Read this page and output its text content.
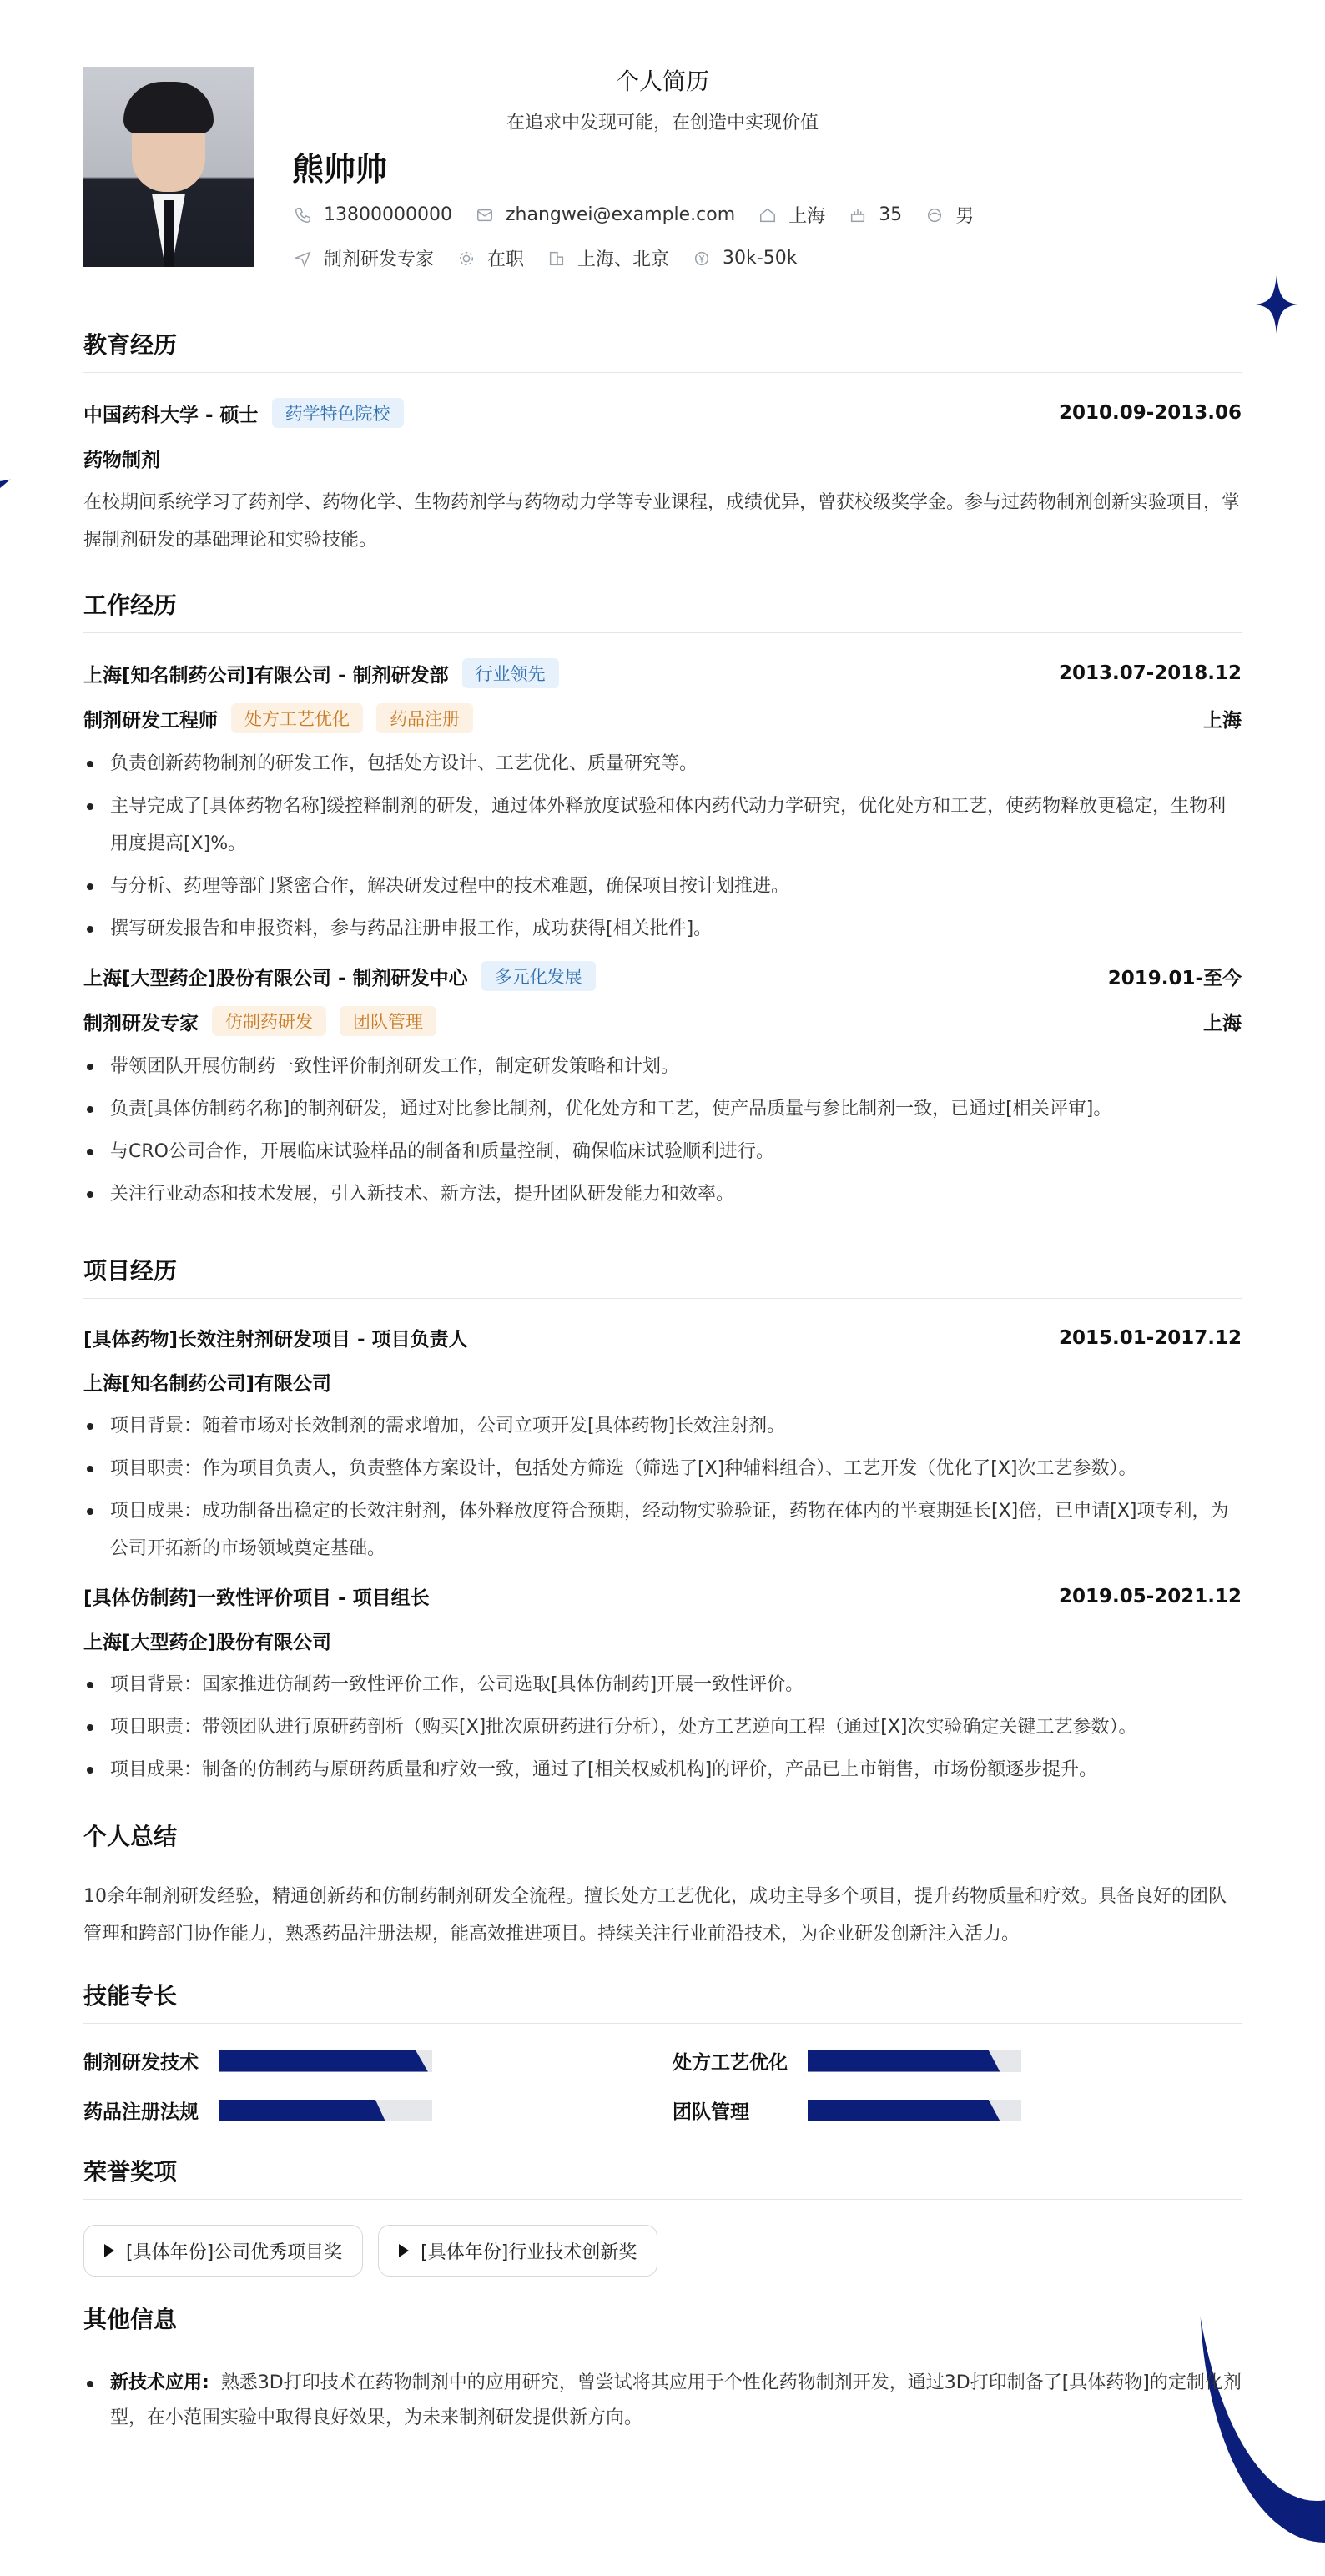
个人简历
在追求中发现可能，在创造中实现价值
熊帅帅
13800000000	zhangwei@example.com	上海	35	男
制剂研发专家	在职	上海、北京	30k-50k
教育经历
中国药科大学 - 硕士	药学特色院校	2010.09-2013.06
药物制剂
在校期间系统学习了药剂学、药物化学、生物药剂学与药物动力学等专业课程，成绩优异，曾获校级奖学金。参与过药物制剂创新实验项目，掌握制剂研发的基础理论和实验技能。
工作经历
上海[知名制药公司]有限公司 - 制剂研发部	行业领先	2013.07-2018.12
制剂研发工程师	处方工艺优化	药品注册	上海
负责创新药物制剂的研发工作，包括处方设计、工艺优化、质量研究等。
主导完成了[具体药物名称]缓控释制剂的研发，通过体外释放度试验和体内药代动力学研究，优化处方和工艺，使药物释放更稳定，生物利用度提高[X]%。
与分析、药理等部门紧密合作，解决研发过程中的技术难题，确保项目按计划推进。
撰写研发报告和申报资料，参与药品注册申报工作，成功获得[相关批件]。
上海[大型药企]股份有限公司 - 制剂研发中心	多元化发展	2019.01-至今
制剂研发专家	仿制药研发	团队管理	上海
带领团队开展仿制药一致性评价制剂研发工作，制定研发策略和计划。
负责[具体仿制药名称]的制剂研发，通过对比参比制剂，优化处方和工艺，使产品质量与参比制剂一致，已通过[相关评审]。
与CRO公司合作，开展临床试验样品的制备和质量控制，确保临床试验顺利进行。
关注行业动态和技术发展，引入新技术、新方法，提升团队研发能力和效率。
项目经历
[具体药物]长效注射剂研发项目 - 项目负责人	2015.01-2017.12
上海[知名制药公司]有限公司
项目背景：随着市场对长效制剂的需求增加，公司立项开发[具体药物]长效注射剂。
项目职责：作为项目负责人，负责整体方案设计，包括处方筛选（筛选了[X]种辅料组合）、工艺开发（优化了[X]次工艺参数）。
项目成果：成功制备出稳定的长效注射剂，体外释放度符合预期，经动物实验验证，药物在体内的半衰期延长[X]倍，已申请[X]项专利，为公司开拓新的市场领域奠定基础。
[具体仿制药]一致性评价项目 - 项目组长	2019.05-2021.12
上海[大型药企]股份有限公司
项目背景：国家推进仿制药一致性评价工作，公司选取[具体仿制药]开展一致性评价。
项目职责：带领团队进行原研药剖析（购买[X]批次原研药进行分析），处方工艺逆向工程（通过[X]次实验确定关键工艺参数）。
项目成果：制备的仿制药与原研药质量和疗效一致，通过了[相关权威机构]的评价，产品已上市销售，市场份额逐步提升。
个人总结
10余年制剂研发经验，精通创新药和仿制药制剂研发全流程。擅长处方工艺优化，成功主导多个项目，提升药物质量和疗效。具备良好的团队管理和跨部门协作能力，熟悉药品注册法规，能高效推进项目。持续关注行业前沿技术，为企业研发创新注入活力。
技能专长
制剂研发技术	处方工艺优化
药品注册法规	团队管理
荣誉奖项
[具体年份]公司优秀项目奖	[具体年份]行业技术创新奖
其他信息
新技术应用: 熟悉3D打印技术在药物制剂中的应用研究，曾尝试将其应用于个性化药物制剂开发，通过3D打印制备了[具体药物]的定制化剂型，在小范围实验中取得良好效果，为未来制剂研发提供新方向。
